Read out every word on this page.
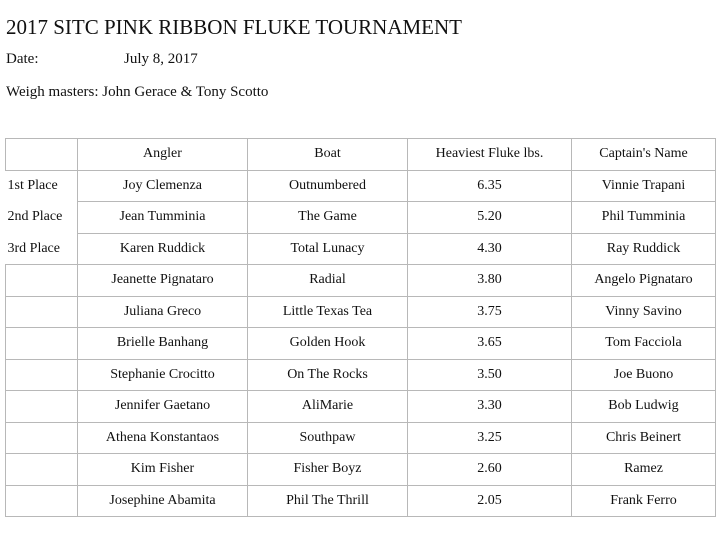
2017 SITC PINK RIBBON FLUKE TOURNAMENT
Date:	July 8, 2017
Weigh masters: John Gerace & Tony Scotto
	Angler	Boat	Heaviest Fluke lbs.	Captain's Name
1st Place	Joy Clemenza	Outnumbered	6.35	Vinnie Trapani
2nd Place	Jean Tumminia	The Game	5.20	Phil Tumminia
3rd Place	Karen Ruddick	Total Lunacy	4.30	Ray Ruddick
	Jeanette Pignataro	Radial	3.80	Angelo Pignataro
	Juliana Greco	Little Texas Tea	3.75	Vinny Savino
	Brielle Banhang	Golden Hook	3.65	Tom Facciola
	Stephanie Crocitto	On The Rocks	3.50	Joe Buono
	Jennifer Gaetano	AliMarie	3.30	Bob Ludwig
	Athena Konstantaos	Southpaw	3.25	Chris Beinert
	Kim Fisher	Fisher Boyz	2.60	Ramez
	Josephine Abamita	Phil The Thrill	2.05	Frank Ferro
